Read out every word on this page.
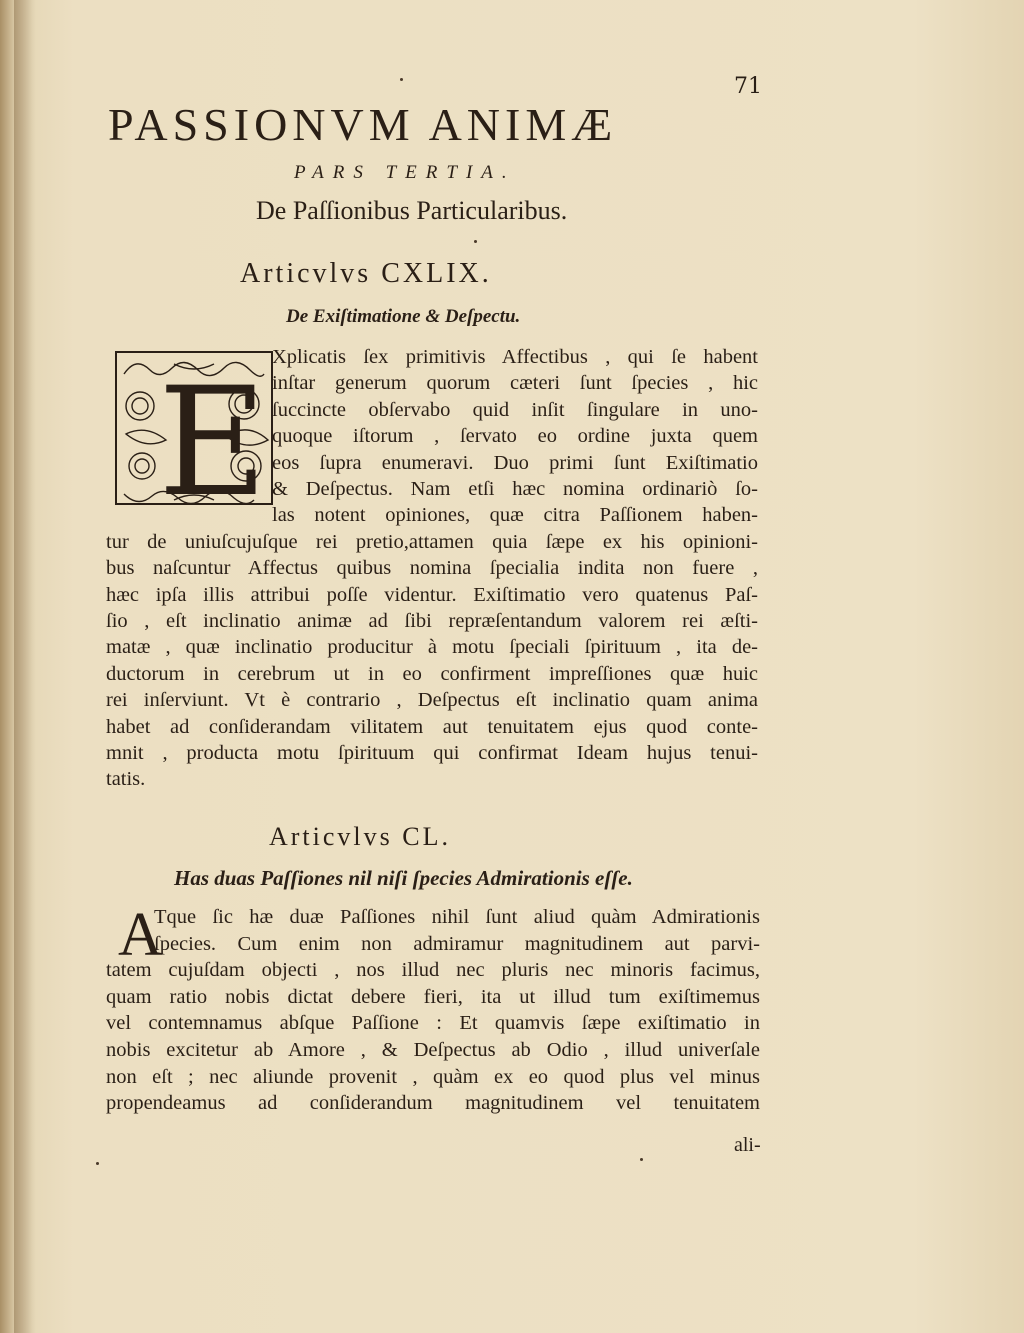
71
PASSIONVM ANIMÆ
PARS TERTIA.
De Paſſionibus Particularibus.
Articvlvs CXLIX.
De Exiſtimatione & Deſpectu.
E
Articvlvs CL.
Has duas Paſſiones nil niſi ſpecies Admirationis eſſe.
A
ali-
Xplicatis ſex primitivis Affectibus , qui ſe habent
inſtar generum quorum cæteri ſunt ſpecies , hic
ſuccincte obſervabo quid inſit ſingulare in uno-
quoque iſtorum , ſervato eo ordine juxta quem
eos ſupra enumeravi. Duo primi ſunt Exiſtimatio
& Deſpectus. Nam etſi hæc nomina ordinariò ſo-
las notent opiniones, quæ citra Paſſionem haben-
tur de uniuſcujuſque rei pretio,attamen quia ſæpe ex his opinioni-
bus naſcuntur Affectus quibus nomina ſpecialia indita non fuere ,
hæc ipſa illis attribui poſſe videntur. Exiſtimatio vero quatenus Paſ-
ſio , eſt inclinatio animæ ad ſibi repræſentandum valorem rei æſti-
matæ , quæ inclinatio producitur à motu ſpeciali ſpirituum , ita de-
ductorum in cerebrum ut in eo confirment impreſſiones quæ huic
rei inſerviunt. Vt è contrario , Deſpectus eſt inclinatio quam anima
habet ad conſiderandam vilitatem aut tenuitatem ejus quod conte-
mnit , producta motu ſpirituum qui confirmat Ideam hujus tenui-
tatis.
Tque ſic hæ duæ Paſſiones nihil ſunt aliud quàm Admirationis
ſpecies. Cum enim non admiramur magnitudinem aut parvi-
tatem cujuſdam objecti , nos illud nec pluris nec minoris facimus,
quam ratio nobis dictat debere fieri, ita ut illud tum exiſtimemus
vel contemnamus abſque Paſſione : Et quamvis ſæpe exiſtimatio in
nobis excitetur ab Amore , & Deſpectus ab Odio , illud univerſale
non eſt ; nec aliunde provenit , quàm ex eo quod plus vel minus
propendeamus ad conſiderandum magnitudinem vel tenuitatem
